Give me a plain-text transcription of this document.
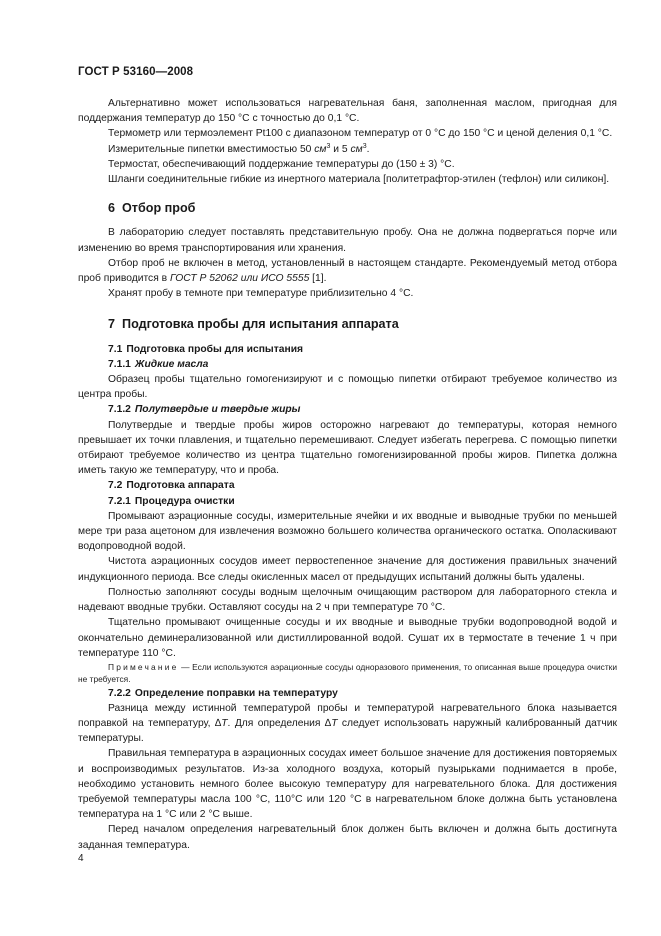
ГОСТ Р 53160—2008

Альтернативно может использоваться нагревательная баня, заполненная маслом, пригодная для поддержания температур до 150 °С с точностью до 0,1 °С.

Термометр или термоэлемент Pt100 с диапазоном температур от 0 °С до 150 °С и ценой деления 0,1 °С.

Измерительные пипетки вместимостью 50 $см^3$ и 5 $см^3$.

Термостат, обеспечивающий поддержание температуры до (150 ± 3) °С.

Шланги соединительные гибкие из инертного материала [политетрафтор-этилен (тефлон) или силикон].

6 Отбор проб

В лабораторию следует поставлять представительную пробу. Она не должна подвергаться порче или изменению во время транспортирования или хранения.

Отбор проб не включен в метод, установленный в настоящем стандарте. Рекомендуемый метод отбора проб приводится в ГОСТ Р 52062 или ИСО 5555 [1].

Хранят пробу в темноте при температуре приблизительно 4 °С.

7 Подготовка пробы для испытания аппарата
7.1 Подготовка пробы для испытания
7.1.1 Жидкие масла

Образец пробы тщательно гомогенизируют и с помощью пипетки отбирают требуемое количество из центра пробы.

7.1.2 Полутвердые и твердые жиры

Полутвердые и твердые пробы жиров осторожно нагревают до температуры, которая немного превышает их точки плавления, и тщательно перемешивают. Следует избегать перегрева. С помощью пипетки отбирают требуемое количество из центра тщательно гомогенизированной пробы жиров. Пипетка должна иметь такую же температуру, что и проба.

7.2 Подготовка аппарата
7.2.1 Процедура очистки

Промывают аэрационные сосуды, измерительные ячейки и их вводные и выводные трубки по меньшей мере три раза ацетоном для извлечения возможно большего количества органического остатка. Ополаскивают водопроводной водой.

Чистота аэрационных сосудов имеет первостепенное значение для достижения правильных значений индукционного периода. Все следы окисленных масел от предыдущих испытаний должны быть удалены.

Полностью заполняют сосуды водным щелочным очищающим раствором для лабораторного стекла и надевают вводные трубки. Оставляют сосуды на 2 ч при температуре 70 °С.

Тщательно промывают очищенные сосуды и их вводные и выводные трубки водопроводной водой и окончательно деминерализованной или дистиллированной водой. Сушат их в термостате в течение 1 ч при температуре 110 °С.

Примечание — Если используются аэрационные сосуды одноразового применения, то описанная выше процедура очистки не требуется.

7.2.2 Определение поправки на температуру

Разница между истинной температурой пробы и температурой нагревательного блока называется поправкой на температуру, ∆T. Для определения ∆T следует использовать наружный калиброванный датчик температуры.

Правильная температура в аэрационных сосудах имеет большое значение для достижения повторяемых и воспроизводимых результатов. Из-за холодного воздуха, который пузырьками поднимается в пробе, необходимо установить немного более высокую температуру для нагревательного блока. Для достижения требуемой температуры масла 100 °С, 110°С или 120 °С в нагревательном блоке должна быть установлена температура на 1 °С или 2 °С выше.

Перед началом определения нагревательный блок должен быть включен и должна быть достигнута заданная температура.

4
